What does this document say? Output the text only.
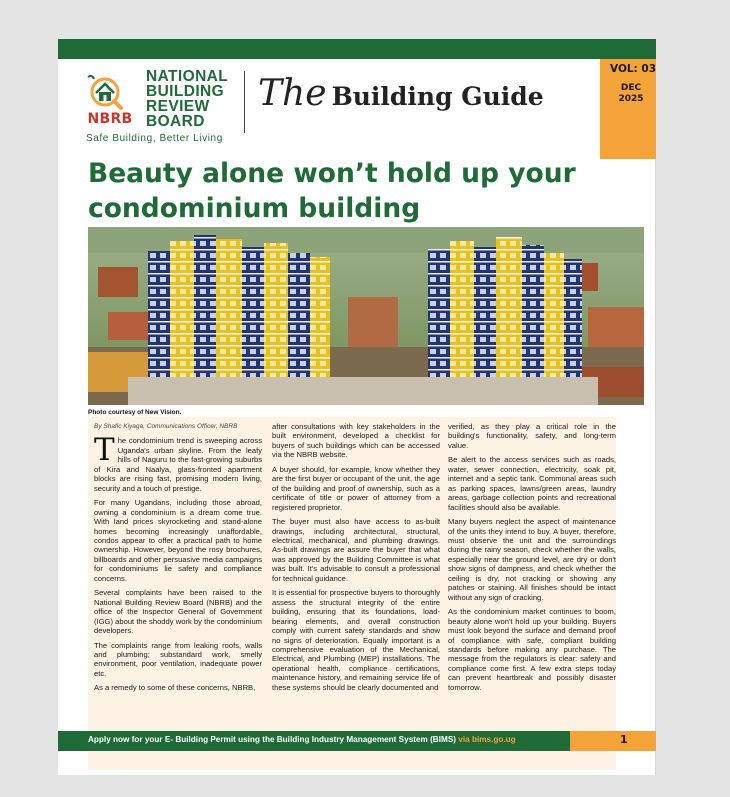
NBRB
NATIONAL
BUILDING
REVIEW
BOARD
Safe Building, Better Living
The Building Guide
VOL: 03
DEC
2025
Beauty alone won’t hold up your
condominium building
Photo courtesy of New Vision.
By Shafic Kiyaga, Communications Officer, NBRB

The condominium trend is sweeping across Uganda's urban skyline. From the leafy hills of Naguru to the fast-growing suburbs of Kira and Naalya, glass-fronted apartment blocks are rising fast, promising modern living, security and a touch of prestige.

For many Ugandans, including those abroad, owning a condominium is a dream come true. With land prices skyrocketing and stand-alone homes becoming increasingly unaffordable, condos appear to offer a practical path to home ownership. However, beyond the rosy brochures, billboards and other persuasive media campaigns for condominiums lie safety and compliance concerns.

Several complaints have been raised to the National Building Review Board (NBRB) and the office of the Inspector General of Government (IGG) about the shoddy work by the condominium developers.

The complaints range from leaking roofs, walls and plumbing; substandard work, smelly environment, poor ventilation, inadequate power etc.

As a remedy to some of these concerns, NBRB,

after consultations with key stakeholders in the built environment, developed a checklist for buyers of such buildings which can be accessed via the NBRB website.

A buyer should, for example, know whether they are the first buyer or occupant of the unit, the age of the building and proof of ownership, such as a certificate of title or power of attorney from a registered proprietor.

The buyer must also have access to as-built drawings, including architectural, structural, electrical, mechanical, and plumbing drawings. As-built drawings are assure the buyer that what was approved by the Building Committee is what was built. It's advisable to consult a professional for technical guidance.

It is essential for prospective buyers to thoroughly assess the structural integrity of the entire building, ensuring that its foundations, load-bearing elements, and overall construction comply with current safety standards and show no signs of deterioration. Equally important is a comprehensive evaluation of the Mechanical, Electrical, and Plumbing (MEP) installations. The operational health, compliance certifications, maintenance history, and remaining service life of these systems should be clearly documented and

verified, as they play a critical role in the building's functionality, safety, and long-term value.

Be alert to the access services such as roads, water, sewer connection, electricity, soak pit, internet and a septic tank. Communal areas such as parking spaces, lawns/green areas, laundry areas, garbage collection points and recreational facilities should also be available.

Many buyers neglect the aspect of maintenance of the units they intend to buy. A buyer, therefore, must observe the unit and the surroundings during the rainy season, check whether the walls, especially near the ground level, are dry or don't show signs of dampness, and check whether the ceiling is dry, not cracking or showing any patches or staining. All finishes should be intact without any sign of cracking.

As the condominium market continues to boom, beauty alone won't hold up your building. Buyers must look beyond the surface and demand proof of compliance with safe, compliant building standards before making any purchase. The message from the regulators is clear: safety and compliance come first. A few extra steps today can prevent heartbreak and possibly disaster tomorrow.

Apply now for your E- Building Permit using the Building Industry Management System (BIMS) via bims.go.ug	1
